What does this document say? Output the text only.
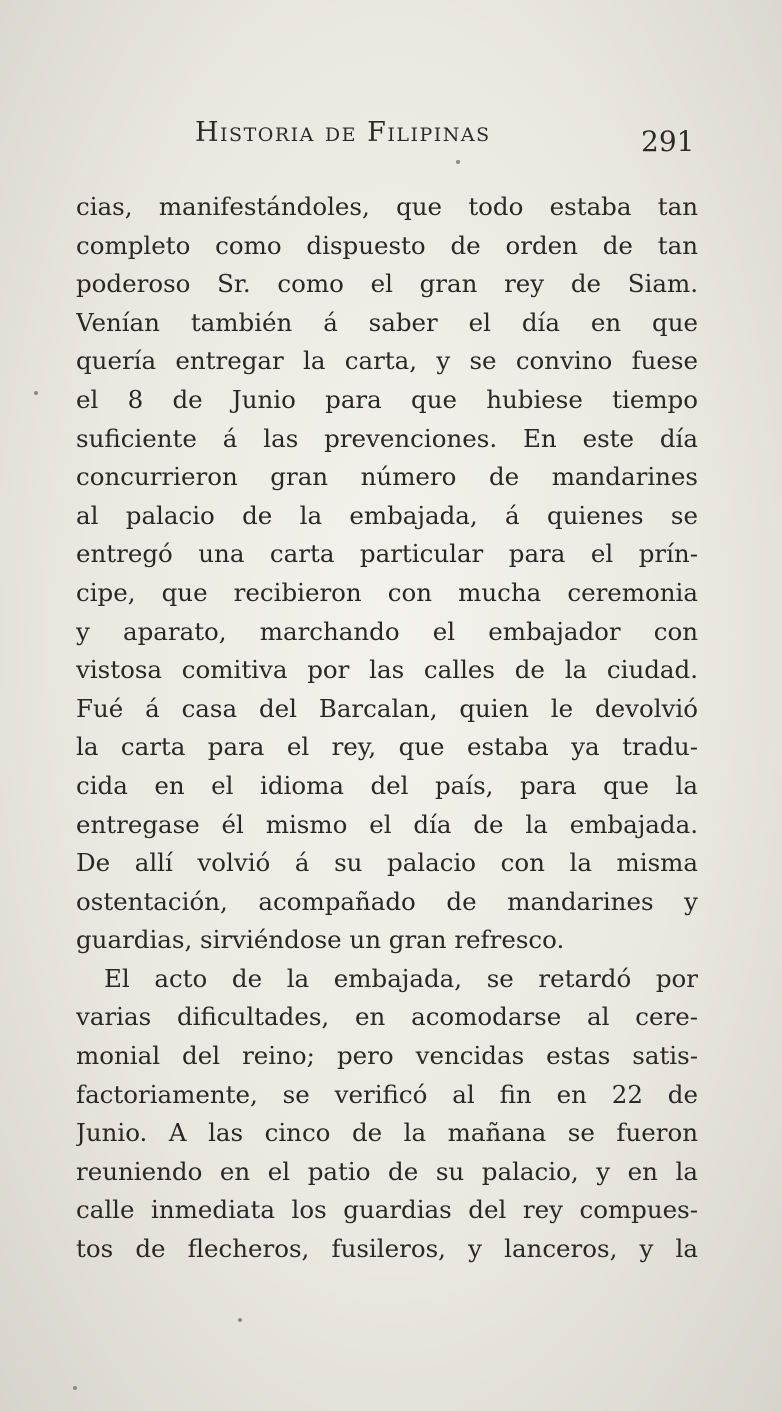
Historia de Filipinas	291
cias, manifestándoles, que todo estaba tan
completo como dispuesto de orden de tan
poderoso Sr. como el gran rey de Siam.
Venían también á saber el día en que
quería entregar la carta, y se convino fuese
el 8 de Junio para que hubiese tiempo
suficiente á las prevenciones. En este día
concurrieron gran número de mandarines
al palacio de la embajada, á quienes se
entregó una carta particular para el prín-
cipe, que recibieron con mucha ceremonia
y aparato, marchando el embajador con
vistosa comitiva por las calles de la ciudad.
Fué á casa del Barcalan, quien le devolvió
la carta para el rey, que estaba ya tradu-
cida en el idioma del país, para que la
entregase él mismo el día de la embajada.
De allí volvió á su palacio con la misma
ostentación, acompañado de mandarines y
guardias, sirviéndose un gran refresco.
El acto de la embajada, se retardó por
varias dificultades, en acomodarse al cere-
monial del reino; pero vencidas estas satis-
factoriamente, se verificó al fin en 22 de
Junio. A las cinco de la mañana se fueron
reuniendo en el patio de su palacio, y en la
calle inmediata los guardias del rey compues-
tos de flecheros, fusileros, y lanceros, y la
